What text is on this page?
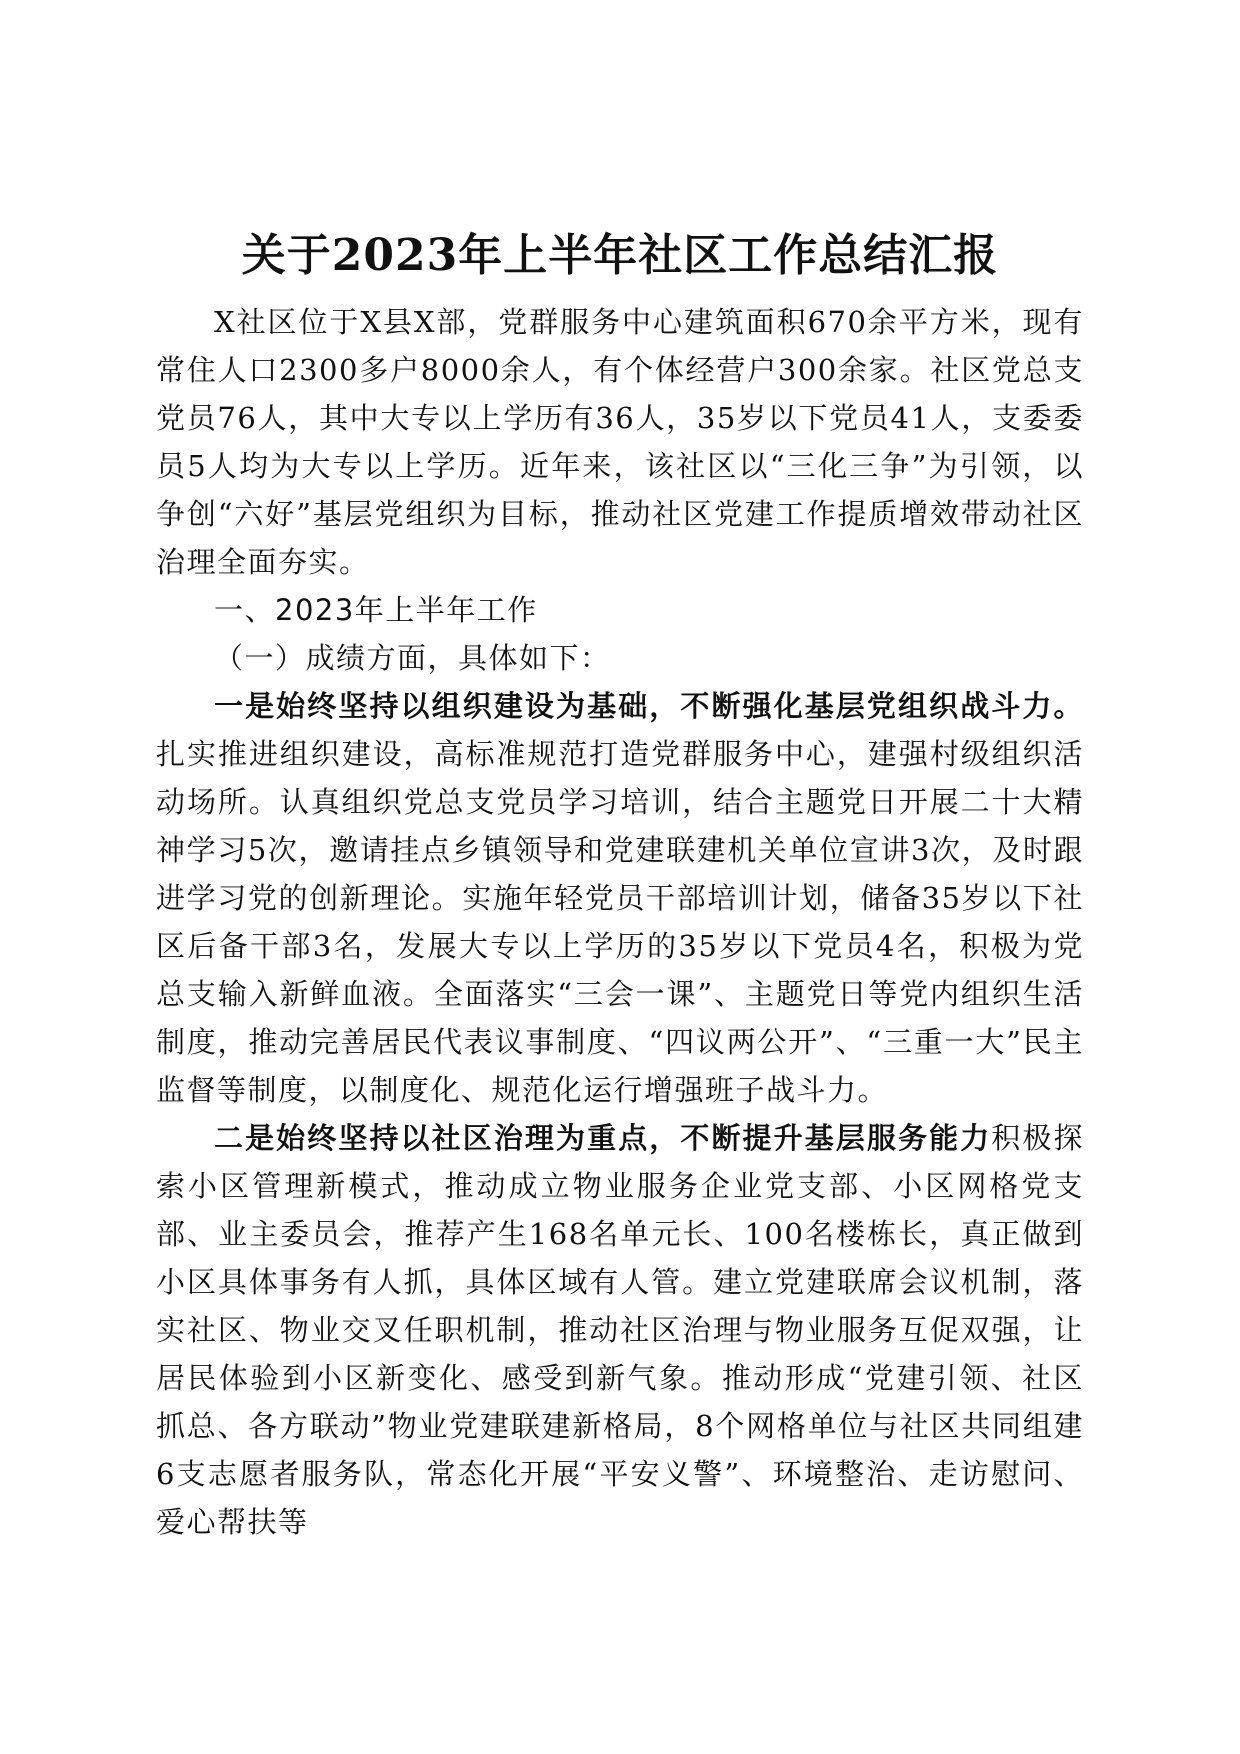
关于2023年上半年社区工作总结汇报

X社区位于X县X部，党群服务中心建筑面积670余平方米，现有常住人口2300多户8000余人，有个体经营户300余家。社区党总支党员76人，其中大专以上学历有36人，35岁以下党员41人，支委委员5人均为大专以上学历。近年来，该社区以“三化三争”为引领，以争创“六好”基层党组织为目标，推动社区党建工作提质增效带动社区治理全面夯实。

一、2023年上半年工作

（一）成绩方面，具体如下：

一是始终坚持以组织建设为基础，不断强化基层党组织战斗力。扎实推进组织建设，高标准规范打造党群服务中心，建强村级组织活动场所。认真组织党总支党员学习培训，结合主题党日开展二十大精神学习5次，邀请挂点乡镇领导和党建联建机关单位宣讲3次，及时跟进学习党的创新理论。实施年轻党员干部培训计划，储备35岁以下社区后备干部3名，发展大专以上学历的35岁以下党员4名，积极为党总支输入新鲜血液。全面落实“三会一课”、主题党日等党内组织生活制度，推动完善居民代表议事制度、“四议两公开”、“三重一大”民主监督等制度，以制度化、规范化运行增强班子战斗力。

二是始终坚持以社区治理为重点，不断提升基层服务能力积极探索小区管理新模式，推动成立物业服务企业党支部、小区网格党支部、业主委员会，推荐产生168名单元长、100名楼栋长，真正做到小区具体事务有人抓，具体区域有人管。建立党建联席会议机制，落实社区、物业交叉任职机制，推动社区治理与物业服务互促双强，让居民体验到小区新变化、感受到新气象。推动形成“党建引领、社区抓总、各方联动”物业党建联建新格局，8个网格单位与社区共同组建6支志愿者服务队，常态化开展“平安义警”、环境整治、走访慰问、爱心帮扶等
